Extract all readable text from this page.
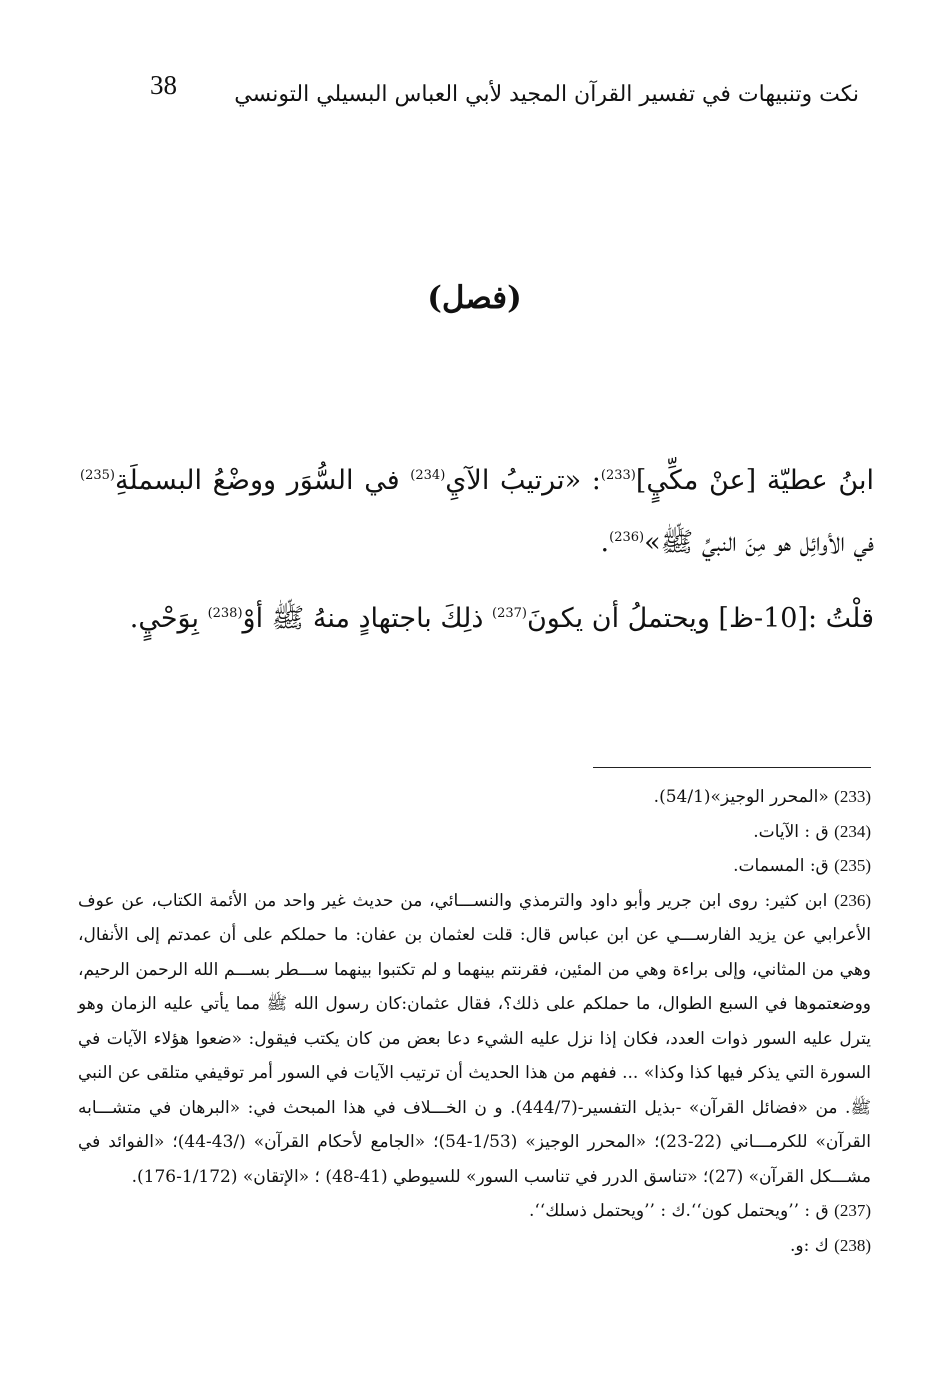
نكت وتنبيهات في تفسير القرآن المجيد لأبي العباس البسيلي التونسي
38
(فصل)

ابنُ عطيّة [عنْ مكِّيٍ]$^{(233)}$: «ترتيبُ الآيِ$^{(234)}$ في السُّوَر ووضْعُ البسملَةِ$^{(235)}$ في الأوائِل هو مِنَ النبيِّ ﷺ»$^{(236)}$.

قلْتُ :[10-ظ] ويحتملُ أن يكونَ$^{(237)}$ ذلِكَ باجتهادٍ منهُ ﷺ أوْ$^{(238)}$ بِوَحْيٍ.

(233) «المحرر الوجيز»(54/1).

(234) ق : الآيات.

(235) ق: المسمات.

(236) ابن كثير: روى ابن جرير وأبو داود والترمذي والنســـائي، من حديث غير واحد من الأئمة الكتاب، عن عوف الأعرابي عن يزيد الفارســـي عن ابن عباس قال: قلت لعثمان بن عفان: ما حملكم على أن عمدتم إلى الأنفال، وهي من المثاني، وإلى براءة وهي من المئين، فقرنتم بينهما و لم تكتبوا بينهما ســـطر بســـم الله الرحمن الرحيم، ووضعتموها في السبع الطوال، ما حملكم على ذلك؟، فقال عثمان:كان رسول الله ﷺ مما يأتي عليه الزمان وهو يترل عليه السور ذوات العدد، فكان إذا نزل عليه الشيء دعا بعض من كان يكتب فيقول: «ضعوا هؤلاء الآيات في السورة التي يذكر فيها كذا وكذا» ... ففهم من هذا الحديث أن ترتيب الآيات في السور أمر توقيفي متلقى عن النبي ﷺ. من «فضائل القرآن» -بذيل التفسير-(444/7). و ن الخـــلاف في هذا المبحث في: «البرهان في متشـــابه القرآن» للكرمـــاني (22-23)؛ «المحرر الوجيز» (1/53-54)؛ «الجامع لأحكام القرآن» (/43-44)؛ «الفوائد في مشـــكل القرآن» (27)؛ «تناسق الدرر في تناسب السور» للسيوطي (41-48) ؛ «الإتقان» (1/172-176).

(237) ق : ’’ويحتمل كون‘‘.ك : ’’ويحتمل ذسلك‘‘.

(238) ك :و.
